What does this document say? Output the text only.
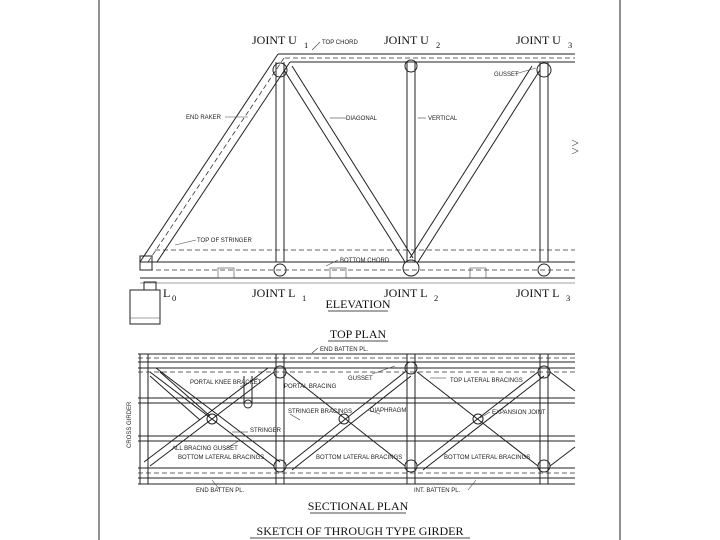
TOP CHORD
GUSSET
END RAKER	DIAGONAL	VERTICAL
TOP OF STRINGER
BOTTOM CHORD
JOINT U 1	JOINT U 2	JOINT U 3
L 0	JOINT L 1	JOINT L 2	JOINT L 3
ELEVATION
TOP PLAN
END BATTEN PL.
GUSSET	TOP LATERAL BRACINGS
PORTAL KNEE BRACKET
PORTAL BRACING
CROSS GIRDER	STRINGER BRACINGS	DIAPHRAGM	EXPANSION JOINT
STRINGER
ALL BRACING GUSSET
BOTTOM LATERAL BRACINGS	BOTTOM LATERAL BRACINGS	BOTTOM LATERAL BRACINGS
END BATTEN PL.	INT. BATTEN PL.
SECTIONAL PLAN
SKETCH OF THROUGH TYPE GIRDER
